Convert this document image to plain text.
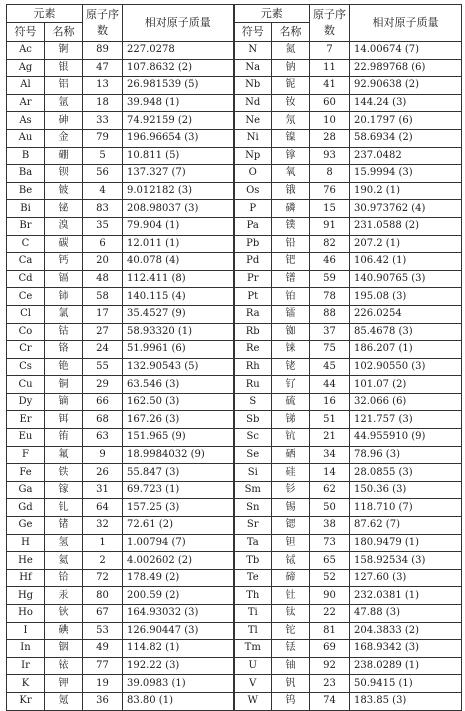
元素		原子序数	相对原子质量	元素		原子序数	相对原子质量
符号	名称			符号	名称		
Ac	锕	89	227.0278	N	氮	7	14.00674 (7)
Ag	银	47	107.8632 (2)	Na	钠	11	22.989768 (6)
Al	铝	13	26.981539 (5)	Nb	铌	41	92.90638 (2)
Ar	氩	18	39.948 (1)	Nd	钕	60	144.24 (3)
As	砷	33	74.92159 (2)	Ne	氖	10	20.1797 (6)
Au	金	79	196.96654 (3)	Ni	镍	28	58.6934 (2)
B	硼	5	10.811 (5)	Np	镎	93	237.0482
Ba	钡	56	137.327 (7)	O	氧	8	15.9994 (3)
Be	铍	4	9.012182 (3)	Os	锇	76	190.2 (1)
Bi	铋	83	208.98037 (3)	P	磷	15	30.973762 (4)
Br	溴	35	79.904 (1)	Pa	镤	91	231.0588 (2)
C	碳	6	12.011 (1)	Pb	铅	82	207.2 (1)
Ca	钙	20	40.078 (4)	Pd	钯	46	106.42 (1)
Cd	镉	48	112.411 (8)	Pr	镨	59	140.90765 (3)
Ce	铈	58	140.115 (4)	Pt	铂	78	195.08 (3)
Cl	氯	17	35.4527 (9)	Ra	镭	88	226.0254
Co	钴	27	58.93320 (1)	Rb	铷	37	85.4678 (3)
Cr	铬	24	51.9961 (6)	Re	铼	75	186.207 (1)
Cs	铯	55	132.90543 (5)	Rh	铑	45	102.90550 (3)
Cu	铜	29	63.546 (3)	Ru	钌	44	101.07 (2)
Dy	镝	66	162.50 (3)	S	硫	16	32.066 (6)
Er	铒	68	167.26 (3)	Sb	锑	51	121.757 (3)
Eu	铕	63	151.965 (9)	Sc	钪	21	44.955910 (9)
F	氟	9	18.9984032 (9)	Se	硒	34	78.96 (3)
Fe	铁	26	55.847 (3)	Si	硅	14	28.0855 (3)
Ga	镓	31	69.723 (1)	Sm	钐	62	150.36 (3)
Gd	钆	64	157.25 (3)	Sn	锡	50	118.710 (7)
Ge	锗	32	72.61 (2)	Sr	锶	38	87.62 (7)
H	氢	1	1.00794 (7)	Ta	钽	73	180.9479 (1)
He	氦	2	4.002602 (2)	Tb	铽	65	158.92534 (3)
Hf	铪	72	178.49 (2)	Te	碲	52	127.60 (3)
Hg	汞	80	200.59 (2)	Th	钍	90	232.0381 (1)
Ho	钬	67	164.93032 (3)	Ti	钛	22	47.88 (3)
I	碘	53	126.90447 (3)	Tl	铊	81	204.3833 (2)
In	铟	49	114.82 (1)	Tm	铥	69	168.9342 (3)
Ir	铱	77	192.22 (3)	U	铀	92	238.0289 (1)
K	钾	19	39.0983 (1)	V	钒	23	50.9415 (1)
Kr	氪	36	83.80 (1)	W	钨	74	183.85 (3)
